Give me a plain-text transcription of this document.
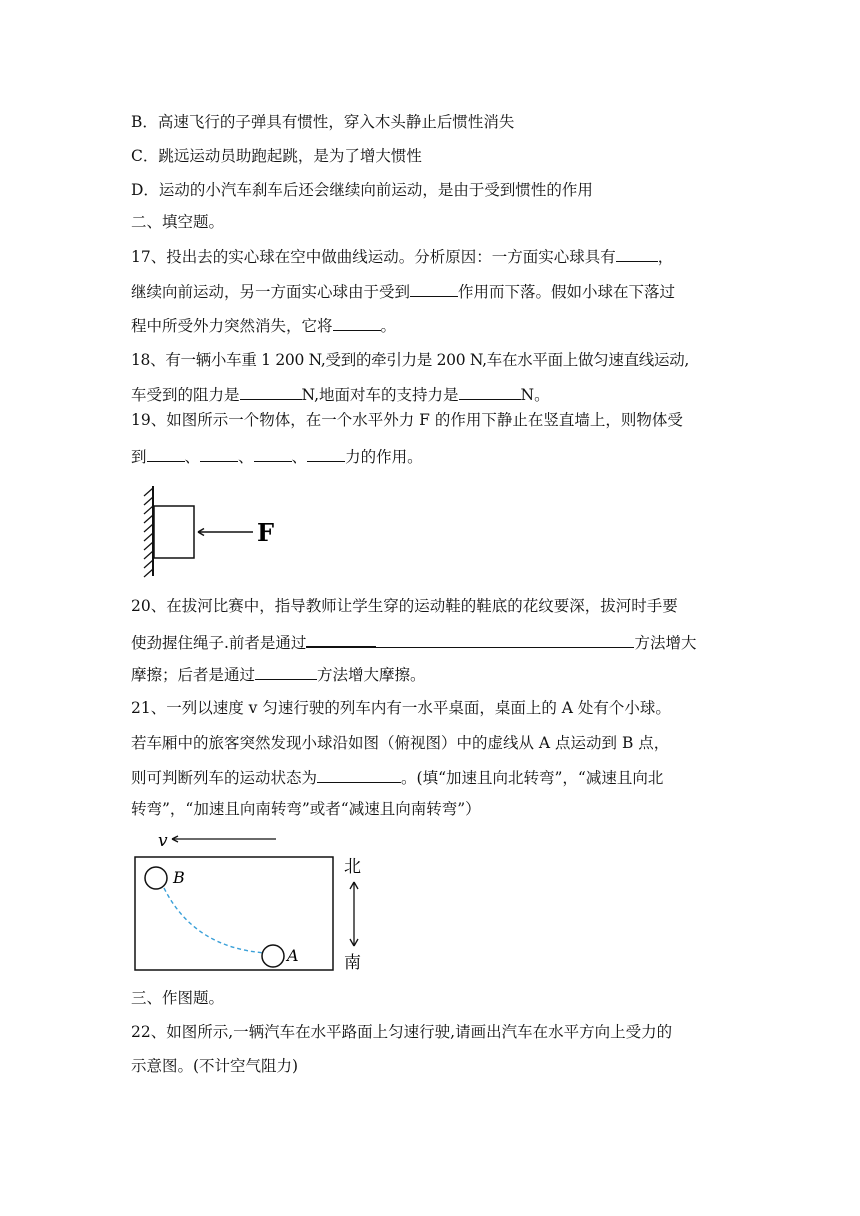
B．高速飞行的子弹具有惯性，穿入木头静止后惯性消失
C．跳远运动员助跑起跳，是为了增大惯性
D．运动的小汽车刹车后还会继续向前运动，是由于受到惯性的作用
二、填空题。
17、投出去的实心球在空中做曲线运动。分析原因：一方面实心球具有	，
继续向前运动，另一方面实心球由于受到	作用而下落。假如小球在下落过
程中所受外力突然消失，它将	。
18、有一辆小车重 1 200 N,受到的牵引力是 200 N,车在水平面上做匀速直线运动,
车受到的阻力是	N,地面对车的支持力是	N。
19、如图所示一个物体，在一个水平外力 F 的作用下静止在竖直墙上，则物体受
到 、 、 、 力的作用。
F
20、在拔河比赛中，指导教师让学生穿的运动鞋的鞋底的花纹要深，拔河时手要
使劲握住绳子.前者是通过	方法增大
摩擦；后者是通过	方法增大摩擦。
21、一列以速度 v 匀速行驶的列车内有一水平桌面，桌面上的 A 处有个小球。
若车厢中的旅客突然发现小球沿如图（俯视图）中的虚线从 A 点运动到 B 点，
则可判断列车的运动状态为	。(填“加速且向北转弯”，“减速且向北
转弯”，“加速且向南转弯”或者“减速且向南转弯”）
v
B
A
北
南
三、作图题。
22、如图所示,一辆汽车在水平路面上匀速行驶,请画出汽车在水平方向上受力的
示意图。(不计空气阻力)
